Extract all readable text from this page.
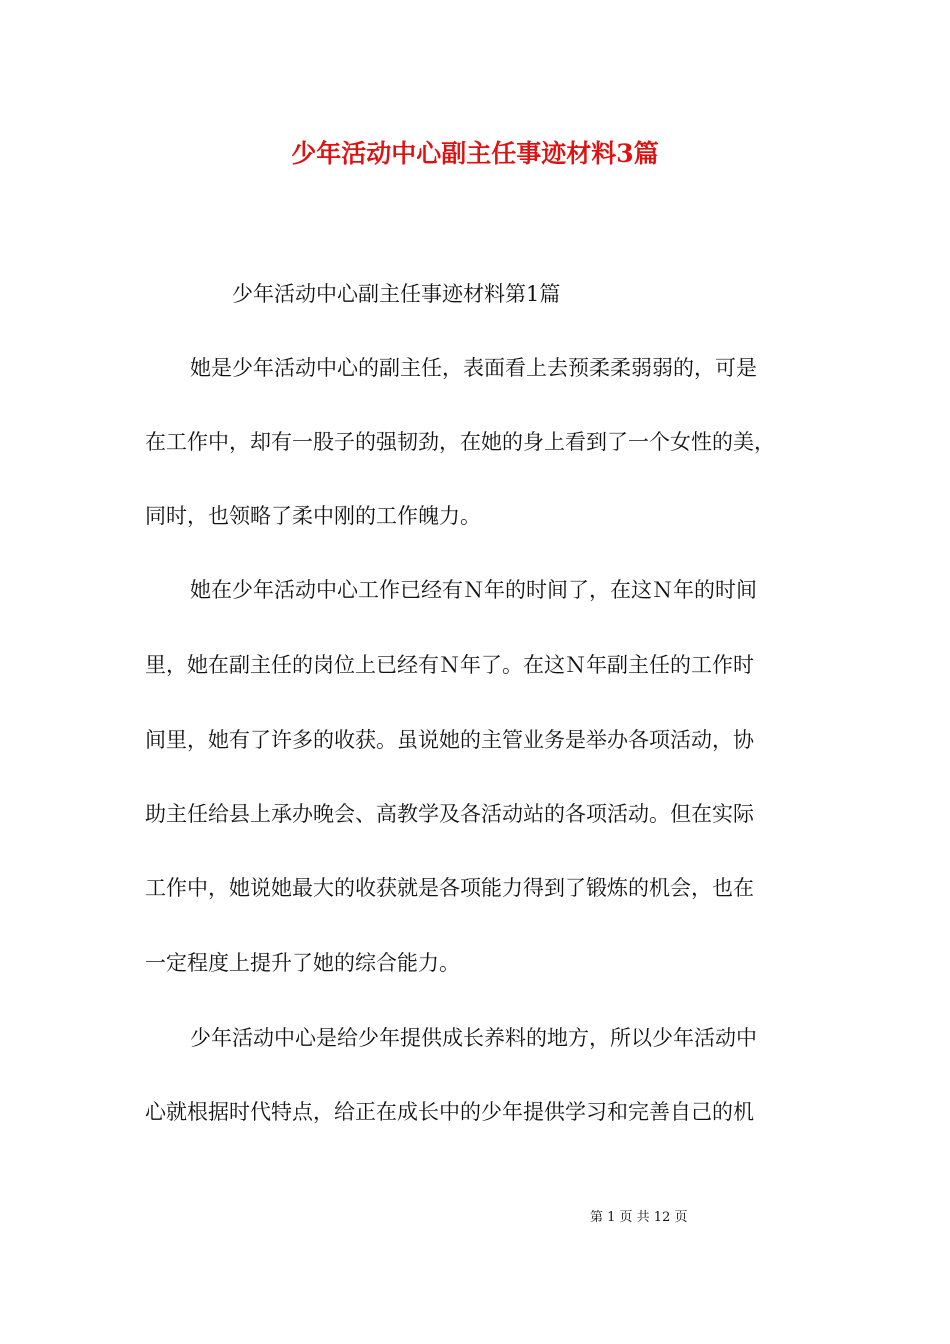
少年活动中心副主任事迹材料3篇
少年活动中心副主任事迹材料第1篇
她是少年活动中心的副主任，表面看上去预柔柔弱弱的，可是
在工作中，却有一股子的强韧劲，在她的身上看到了一个女性的美，
同时，也领略了柔中刚的工作魄力。
她在少年活动中心工作已经有Ｎ年的时间了，在这Ｎ年的时间
里，她在副主任的岗位上已经有Ｎ年了。在这Ｎ年副主任的工作时
间里，她有了许多的收获。虽说她的主管业务是举办各项活动，协
助主任给县上承办晚会、高教学及各活动站的各项活动。但在实际
工作中，她说她最大的收获就是各项能力得到了锻炼的机会，也在
一定程度上提升了她的综合能力。
少年活动中心是给少年提供成长养料的地方，所以少年活动中
心就根据时代特点，给正在成长中的少年提供学习和完善自己的机
第 1 页 共 12 页
